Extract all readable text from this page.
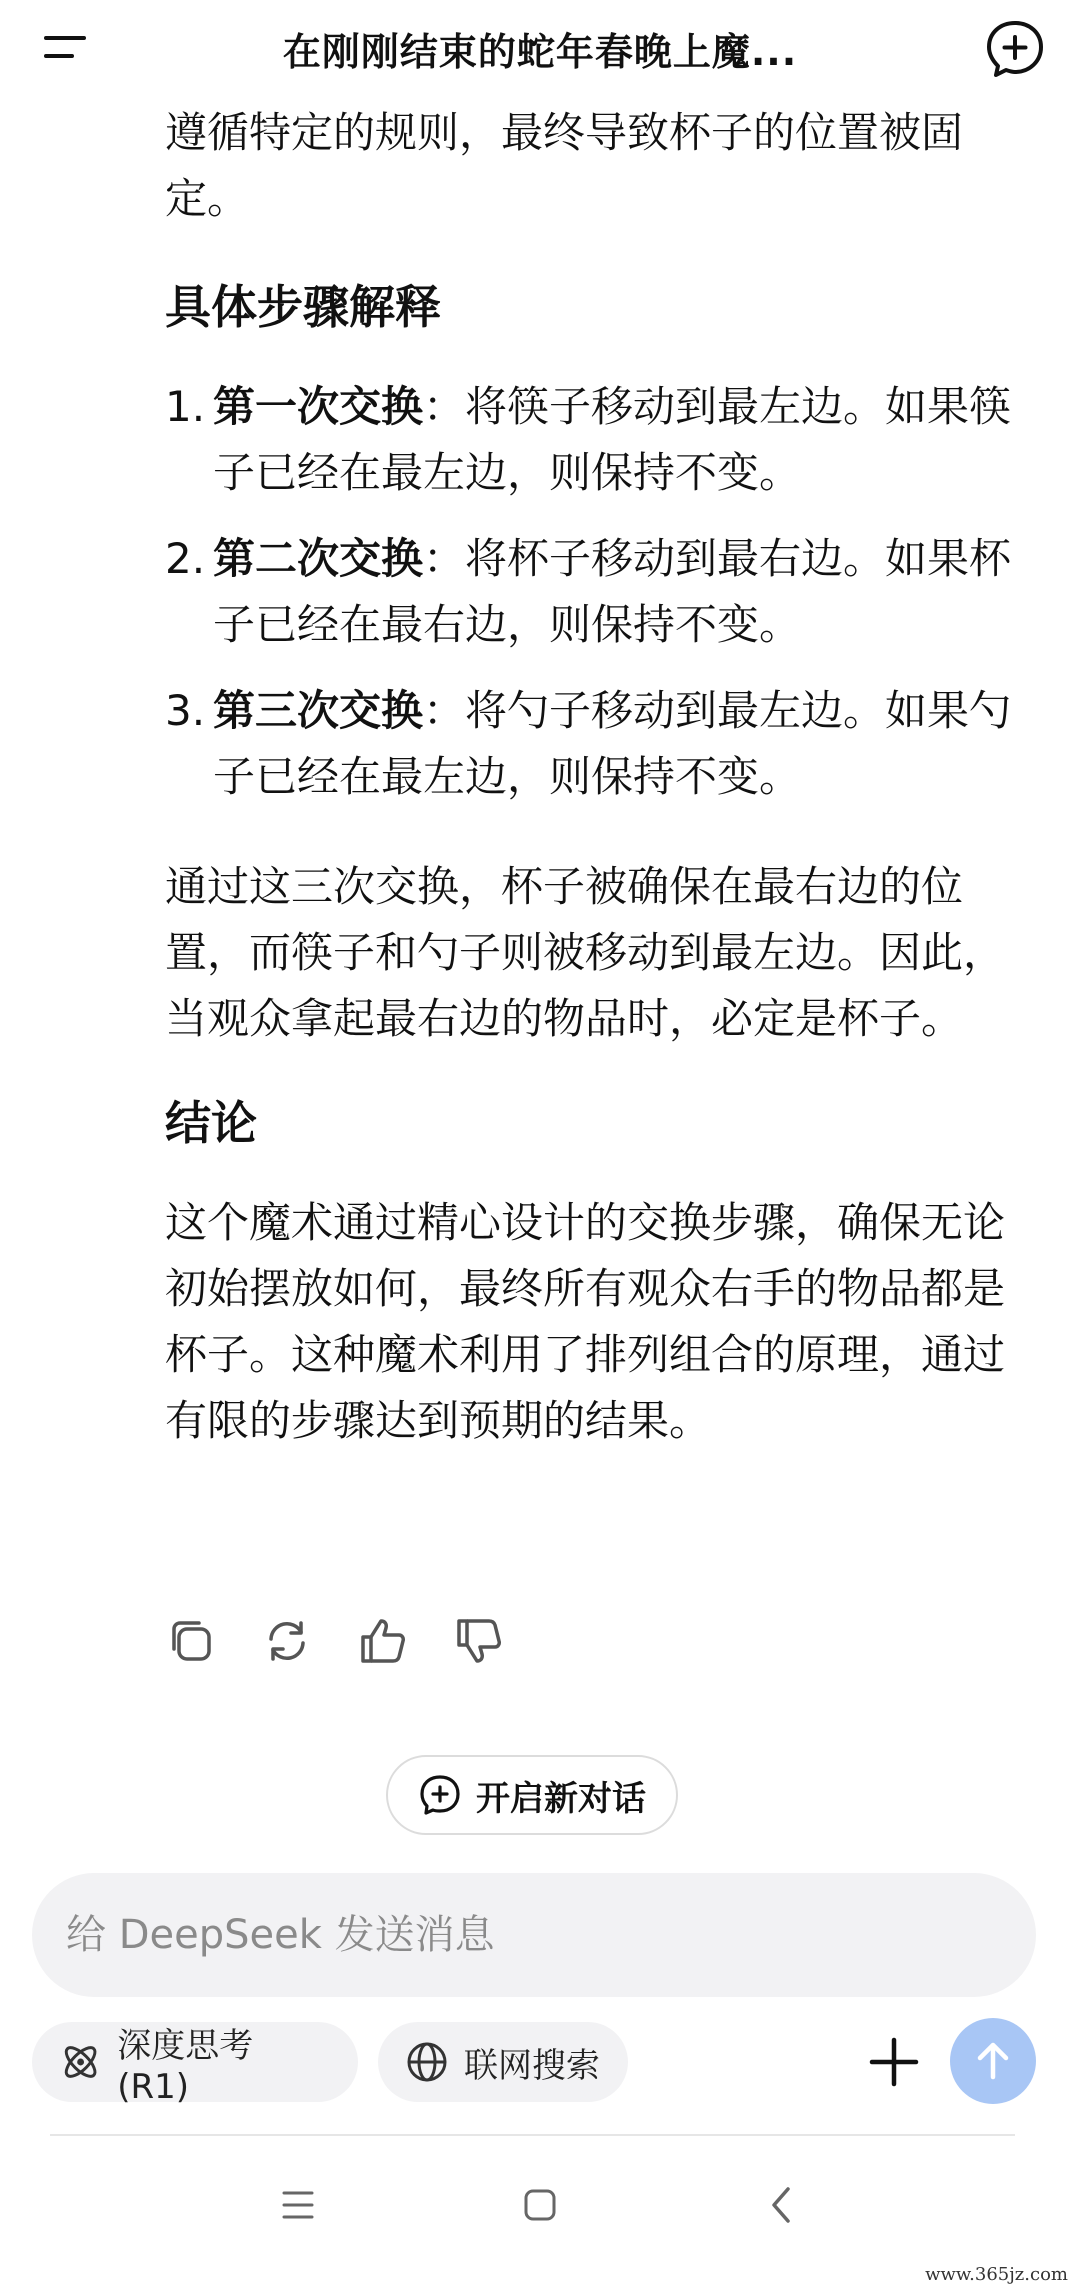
在刚刚结束的蛇年春晚上魔...

遵循特定的规则，最终导致杯子的位置被固

定。

具体步骤解释

1. 第一次交换：将筷子移动到最左边。如果筷子已经在最左边，则保持不变。
2. 第二次交换：将杯子移动到最右边。如果杯子已经在最右边，则保持不变。
3. 第三次交换：将勺子移动到最左边。如果勺子已经在最左边，则保持不变。

通过这三次交换，杯子被确保在最右边的位置，而筷子和勺子则被移动到最左边。因此，当观众拿起最右边的物品时，必定是杯子。

结论

这个魔术通过精心设计的交换步骤，确保无论初始摆放如何，最终所有观众右手的物品都是杯子。这种魔术利用了排列组合的原理，通过有限的步骤达到预期的结果。

开启新对话
给 DeepSeek 发送消息
深度思考 (R1)
联网搜索
www.365jz.com
